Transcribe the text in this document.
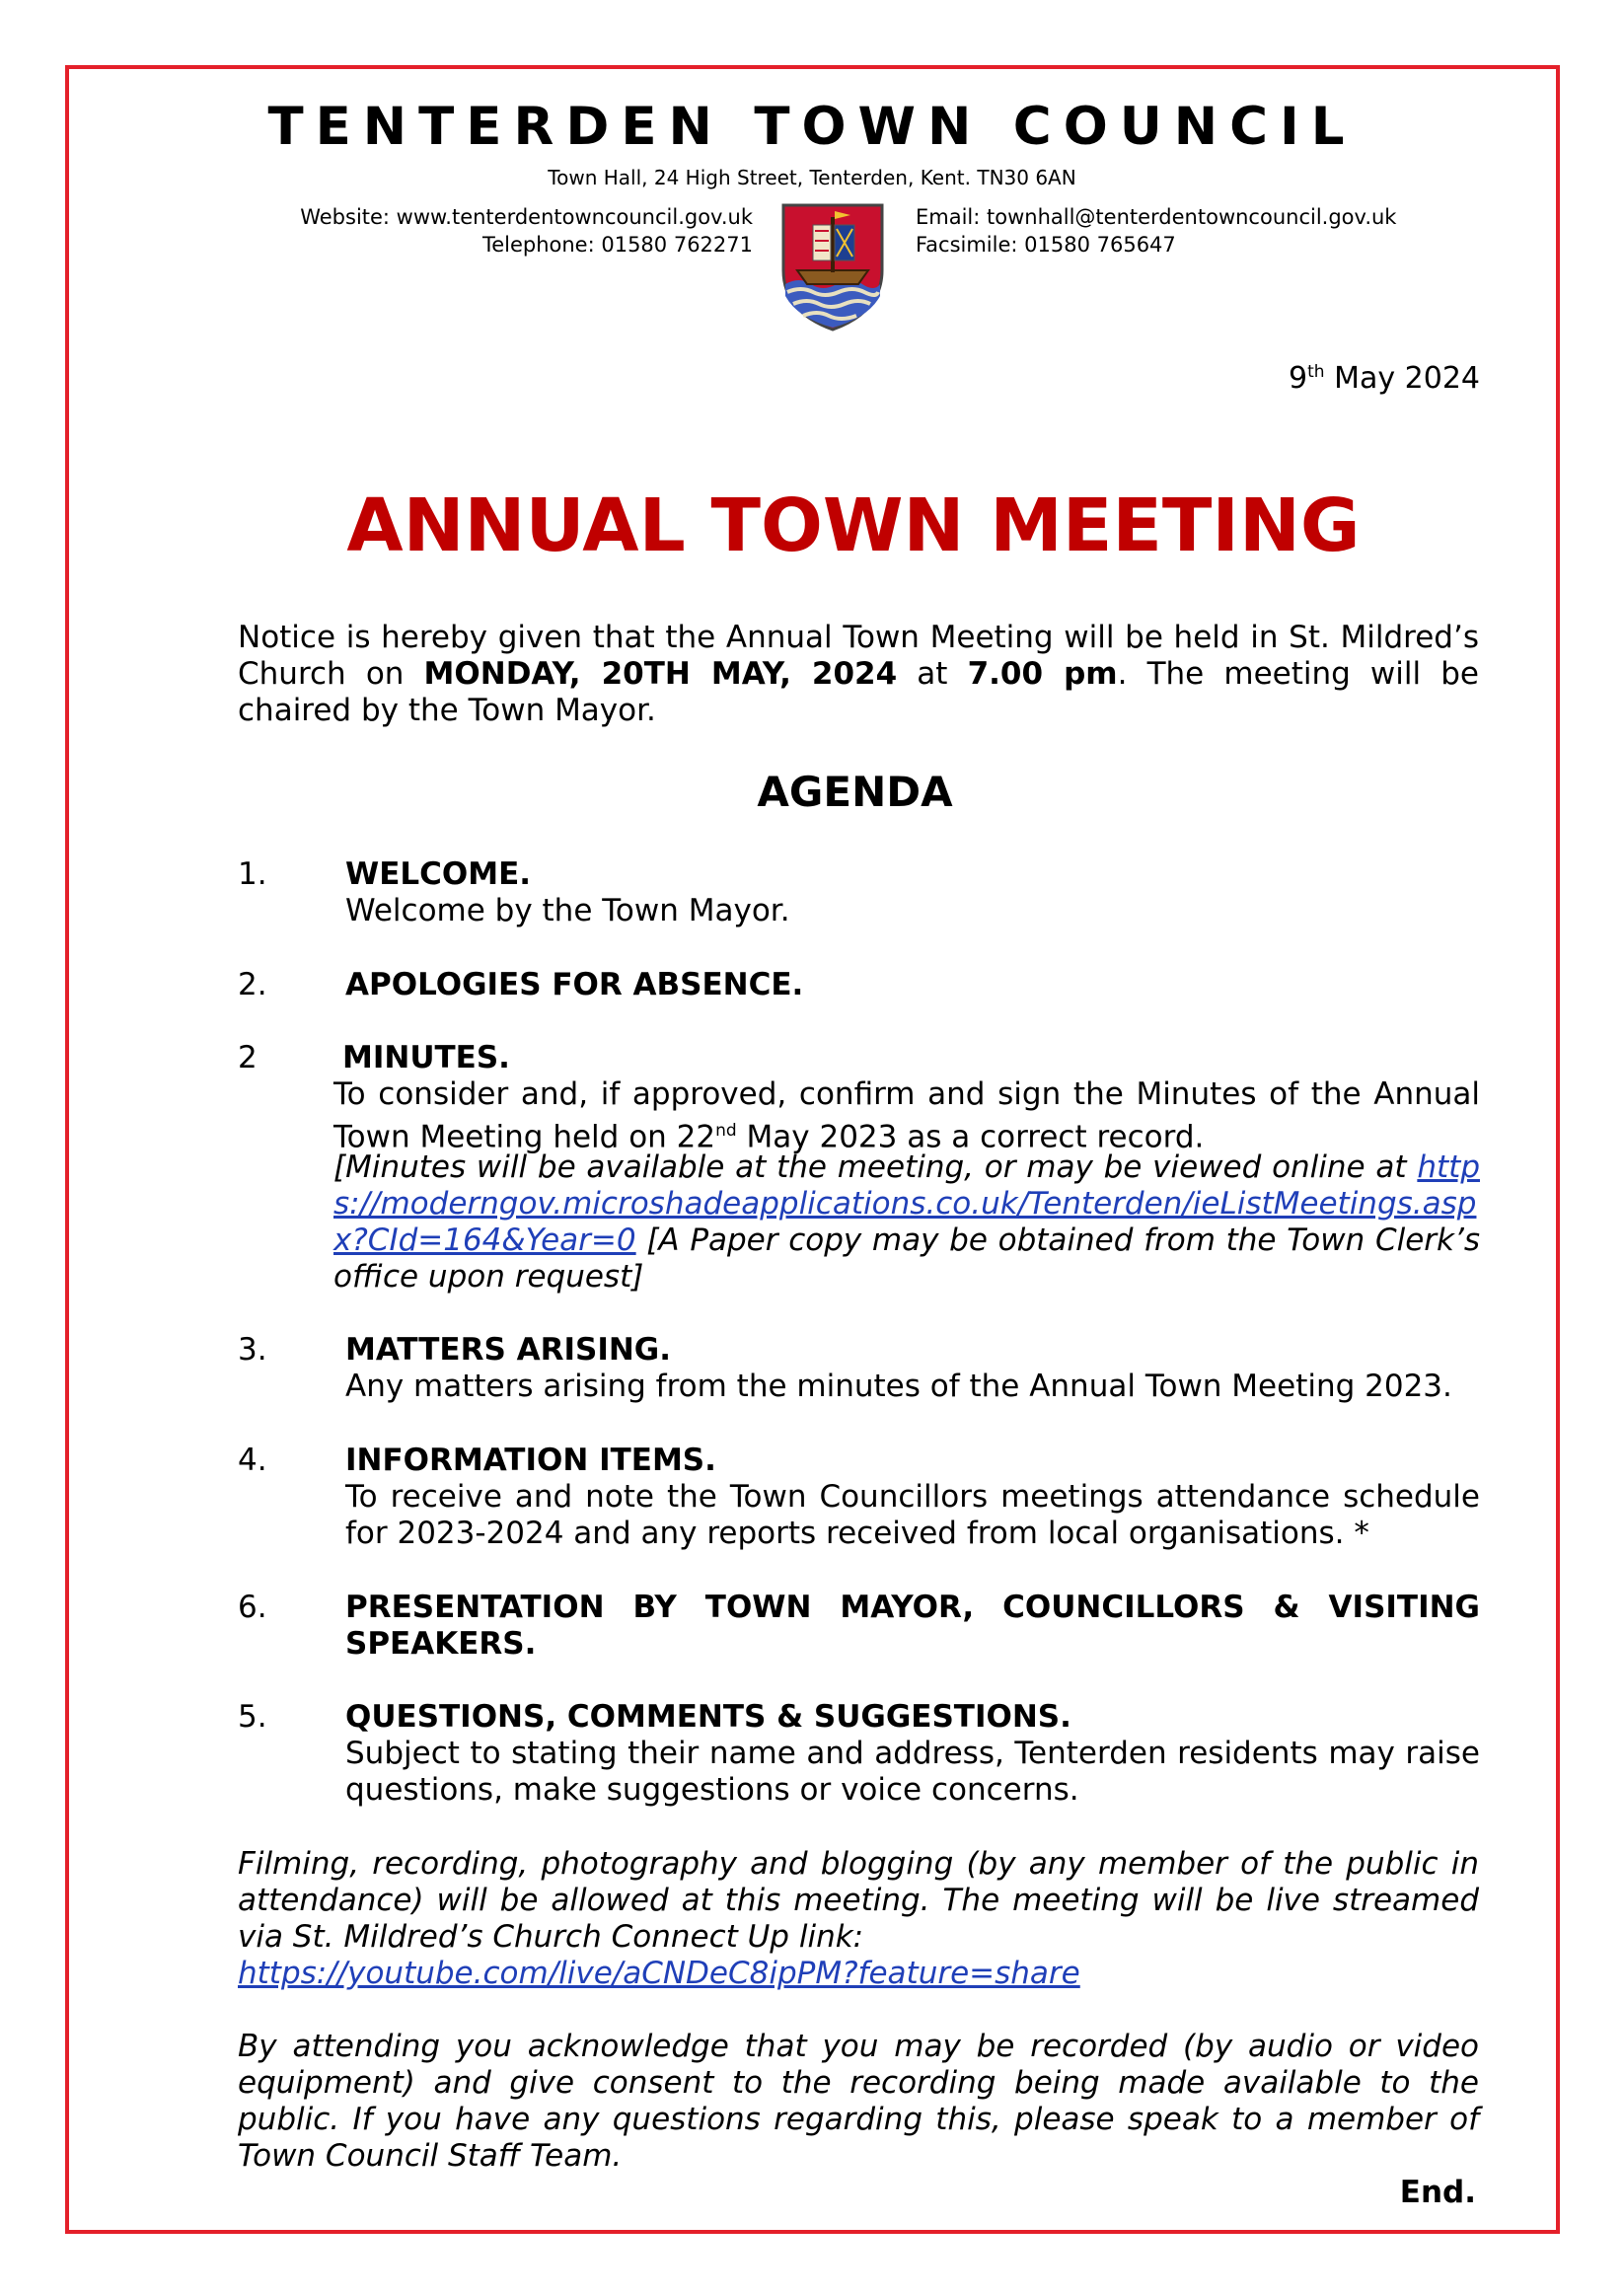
TENTERDEN TOWN COUNCIL
Town Hall, 24 High Street, Tenterden, Kent. TN30 6AN
Website: www.tenterdentowncouncil.gov.uk
Telephone: 01580 762271
Email: townhall@tenterdentowncouncil.gov.uk
Facsimile: 01580 765647
9th May 2024
ANNUAL TOWN MEETING
Notice is hereby given that the Annual Town Meeting will be held in St. Mildred’s Church on MONDAY, 20TH MAY, 2024 at 7.00 pm. The meeting will be chaired by the Town Mayor.
AGENDA
1.	WELCOME.
Welcome by the Town Mayor.
2.	APOLOGIES FOR ABSENCE.
2	MINUTES.
To consider and, if approved, confirm and sign the Minutes of the Annual Town Meeting held on 22nd May 2023 as a correct record.
[Minutes will be available at the meeting, or may be viewed online at https://moderngov.microshadeapplications.co.uk/Tenterden/ieListMeetings.aspx?CId=164&Year=0 [A Paper copy may be obtained from the Town Clerk’s office upon request]
3.	MATTERS ARISING.
Any matters arising from the minutes of the Annual Town Meeting 2023.
4.	INFORMATION ITEMS.
To receive and note the Town Councillors meetings attendance schedule for 2023-2024 and any reports received from local organisations. *
6.	PRESENTATION BY TOWN MAYOR, COUNCILLORS & VISITING SPEAKERS.
5.	QUESTIONS, COMMENTS & SUGGESTIONS.
Subject to stating their name and address, Tenterden residents may raise questions, make suggestions or voice concerns.
Filming, recording, photography and blogging (by any member of the public in attendance) will be allowed at this meeting. The meeting will be live streamed via St. Mildred’s Church Connect Up link:
https://youtube.com/live/aCNDeC8ipPM?feature=share
By attending you acknowledge that you may be recorded (by audio or video equipment) and give consent to the recording being made available to the public. If you have any questions regarding this, please speak to a member of Town Council Staff Team.
End.
